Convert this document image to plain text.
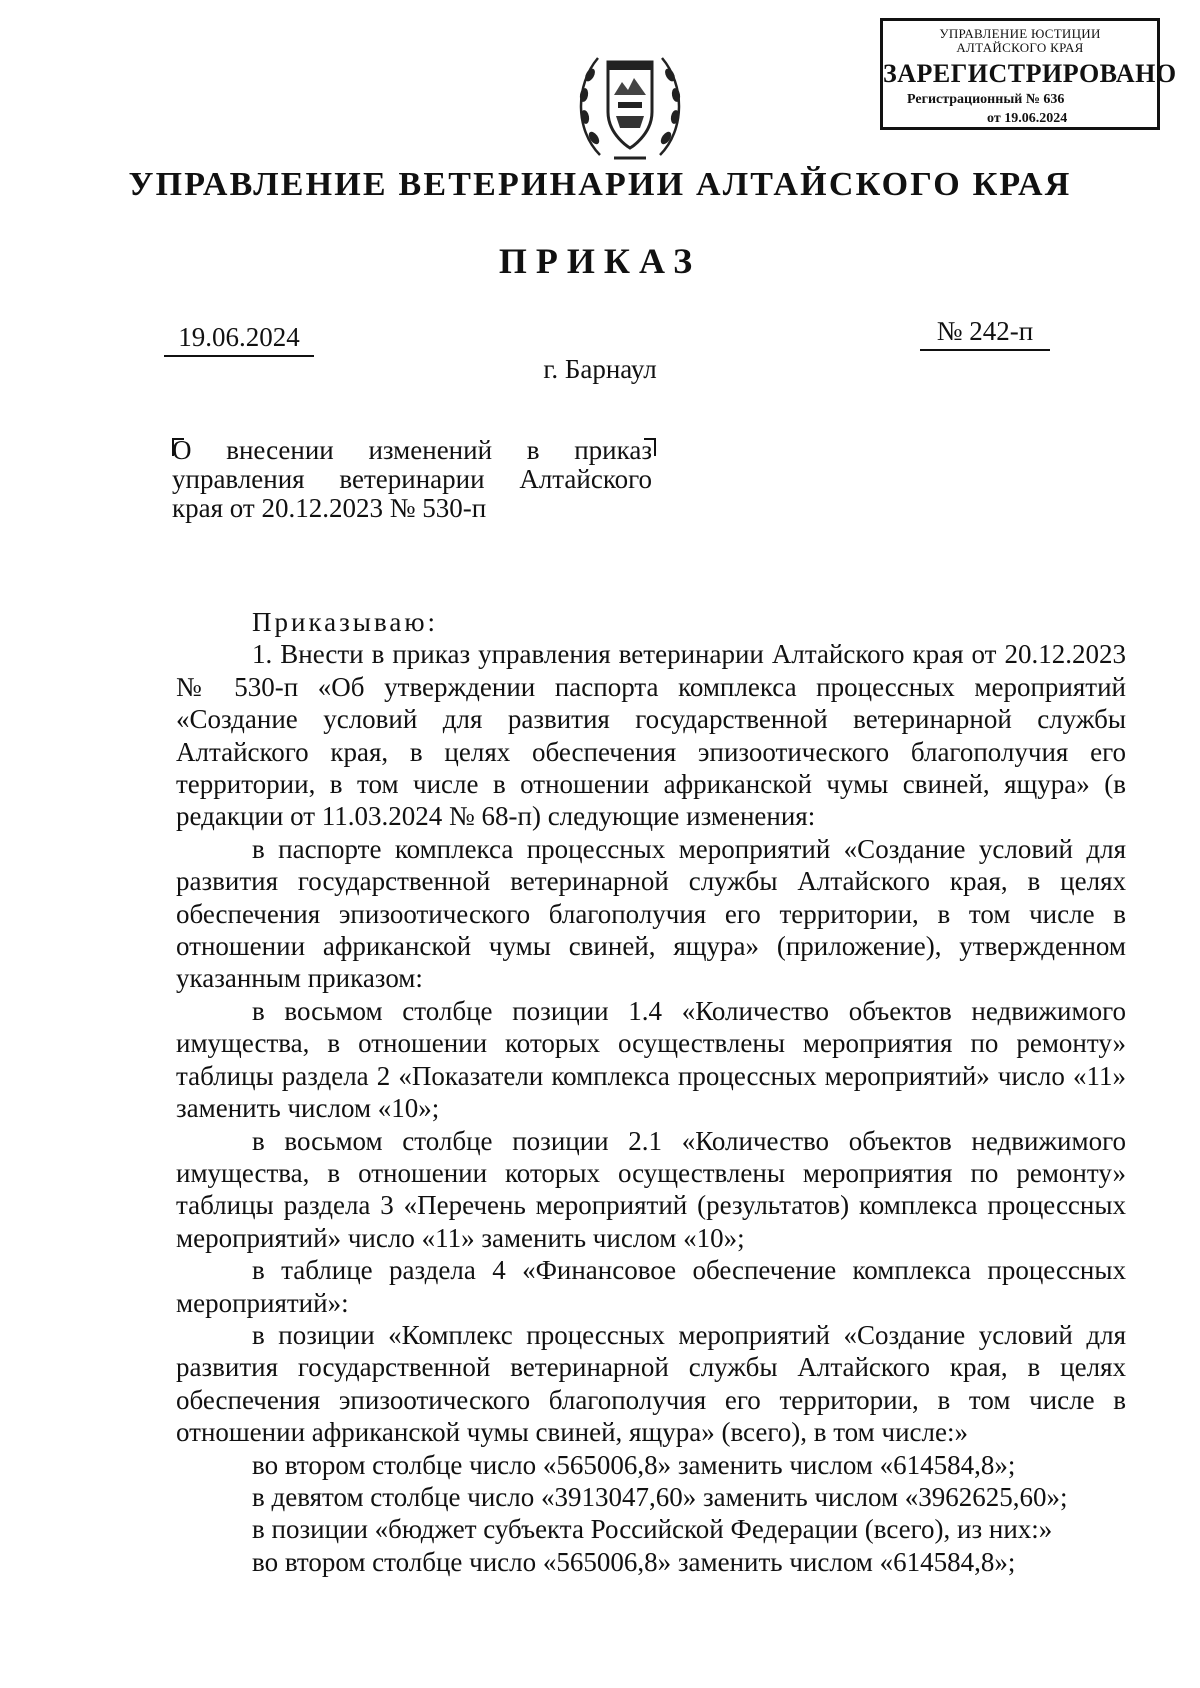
УПРАВЛЕНИЕ ЮСТИЦИИ
АЛТАЙСКОГО КРАЯ
ЗАРЕГИСТРИРОВАНО
Регистрационный № 636
от 19.06.2024
УПРАВЛЕНИЕ ВЕТЕРИНАРИИ АЛТАЙСКОГО КРАЯ
ПРИКАЗ
19.06.2024	№ 242-п
г. Барнаул
О внесении изменений в приказ управления ветеринарии Алтайского края от 20.12.2023 № 530-п

Приказываю:

1. Внести в приказ управления ветеринарии Алтайского края от 20.12.2023 № 530-п «Об утверждении паспорта комплекса процессных мероприятий «Создание условий для развития государственной ветеринарной службы Алтайского края, в целях обеспечения эпизоотического благополучия его территории, в том числе в отношении африканской чумы свиней, ящура» (в редакции от 11.03.2024 № 68-п) следующие изменения:

в паспорте комплекса процессных мероприятий «Создание условий для развития государственной ветеринарной службы Алтайского края, в целях обеспечения эпизоотического благополучия его территории, в том числе в отношении африканской чумы свиней, ящура» (приложение), утвержденном указанным приказом:

в восьмом столбце позиции 1.4 «Количество объектов недвижимого имущества, в отношении которых осуществлены мероприятия по ремонту» таблицы раздела 2 «Показатели комплекса процессных мероприятий» число «11» заменить числом «10»;

в восьмом столбце позиции 2.1 «Количество объектов недвижимого имущества, в отношении которых осуществлены мероприятия по ремонту» таблицы раздела 3 «Перечень мероприятий (результатов) комплекса процессных мероприятий» число «11» заменить числом «10»;

в таблице раздела 4 «Финансовое обеспечение комплекса процессных мероприятий»:

в позиции «Комплекс процессных мероприятий «Создание условий для развития государственной ветеринарной службы Алтайского края, в целях обеспечения эпизоотического благополучия его территории, в том числе в отношении африканской чумы свиней, ящура» (всего), в том числе:»

во втором столбце число «565006,8» заменить числом «614584,8»;

в девятом столбце число «3913047,60» заменить числом «3962625,60»;

в позиции «бюджет субъекта Российской Федерации (всего), из них:»

во втором столбце число «565006,8» заменить числом «614584,8»;
